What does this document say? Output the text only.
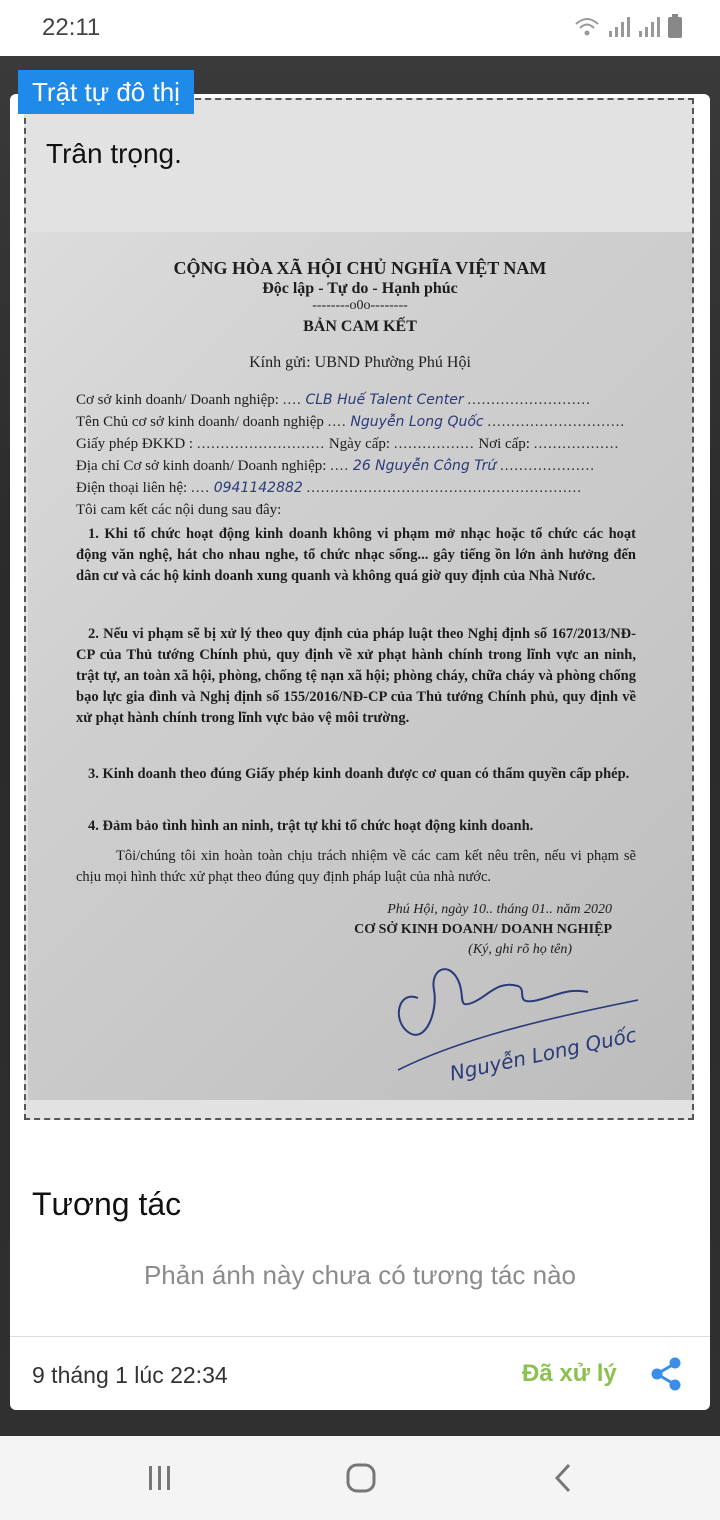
22:11
Trật tự đô thị
Trân trọng.
CỘNG HÒA XÃ HỘI CHỦ NGHĨA VIỆT NAM
Độc lập - Tự do - Hạnh phúc
--------o0o--------
BẢN CAM KẾT
Kính gửi: UBND Phường Phú Hội
Cơ sở kinh doanh/ Doanh nghiệp: .... CLB Huế Talent Center ..........................
Tên Chủ cơ sở kinh doanh/ doanh nghiệp .... Nguyễn Long Quốc .............................
Giấy phép ĐKKD : ........................... Ngày cấp: ................. Nơi cấp: ..................
Địa chỉ Cơ sở kinh doanh/ Doanh nghiệp: .... 26 Nguyễn Công Trứ ....................
Điện thoại liên hệ: .... 0941142882 ..........................................................
Tôi cam kết các nội dung sau đây:
1. Khi tổ chức hoạt động kinh doanh không vi phạm mở nhạc hoặc tổ chức các hoạt động văn nghệ, hát cho nhau nghe, tổ chức nhạc sống... gây tiếng ồn lớn ảnh hưởng đến dân cư và các hộ kinh doanh xung quanh và không quá giờ quy định của Nhà Nước.
2. Nếu vi phạm sẽ bị xử lý theo quy định của pháp luật theo Nghị định số 167/2013/NĐ-CP của Thủ tướng Chính phủ, quy định về xử phạt hành chính trong lĩnh vực an ninh, trật tự, an toàn xã hội, phòng, chống tệ nạn xã hội; phòng cháy, chữa cháy và phòng chống bạo lực gia đình và Nghị định số 155/2016/NĐ-CP của Thủ tướng Chính phủ, quy định về xử phạt hành chính trong lĩnh vực bảo vệ môi trường.
3. Kinh doanh theo đúng Giấy phép kinh doanh được cơ quan có thẩm quyền cấp phép.
4. Đảm bảo tình hình an ninh, trật tự khi tổ chức hoạt động kinh doanh.
Tôi/chúng tôi xin hoàn toàn chịu trách nhiệm về các cam kết nêu trên, nếu vi phạm sẽ chịu mọi hình thức xử phạt theo đúng quy định pháp luật của nhà nước.
Phú Hội, ngày 10.. tháng 01.. năm 2020
CƠ SỞ KINH DOANH/ DOANH NGHIỆP
(Ký, ghi rõ họ tên)
Nguyễn Long Quốc
Tương tác
Phản ánh này chưa có tương tác nào
9 tháng 1 lúc 22:34	Đã xử lý
